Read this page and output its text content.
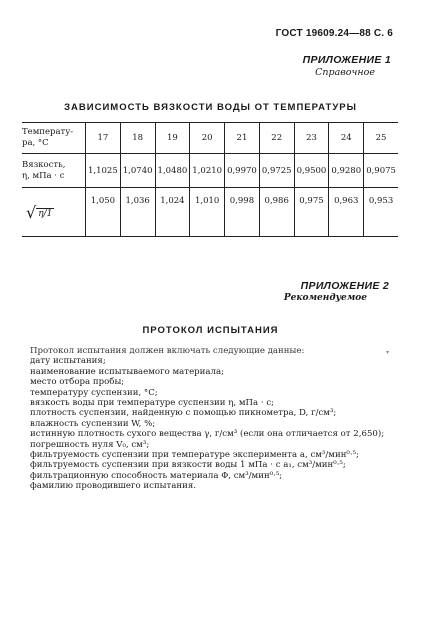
ГОСТ 19609.24—88 С. 6
ПРИЛОЖЕНИЕ 1
Справочное
ЗАВИСИМОСТЬ ВЯЗКОСТИ ВОДЫ ОТ ТЕМПЕРАТУРЫ
Температу-
ра, °С	17	18	19	20	21	22	23	24	25

Вязкость,
η, мПа · с	1,1025	1,0740	1,0480	1,0210	0,9970	0,9725	0,9500	0,9280	0,9075
√ η/1	1,050	1,036	1,024	1,010	0,998	0,986	0,975	0,963	0,953
ПРИЛОЖЕНИЕ 2
Рекомендуемое
ПРОТОКОЛ ИСПЫТАНИЯ
▾
Протокол испытания должен включать следующие данные:
дату испытания;
наименование испытываемого материала;
место отбора пробы;
температуру суспензии, °С;
вязкость воды при температуре суспензии η, мПа · с;
плотность суспензии, найденную с помощью пикнометра, D, г/см³;
влажность суспензии W, %;
истинную плотность сухого вещества γ, г/см³ (если она отличается от 2,650);
погрешность нуля V₀, см³;
фильтруемость суспензии при температуре эксперимента a, см³/мин⁰·⁵;
фильтруемость суспензии при вязкости воды 1 мПа · с a₁, см³/мин⁰·⁵;
фильтрационную способность материала Φ, см³/мин⁰·⁵;
фамилию проводившего испытания.
